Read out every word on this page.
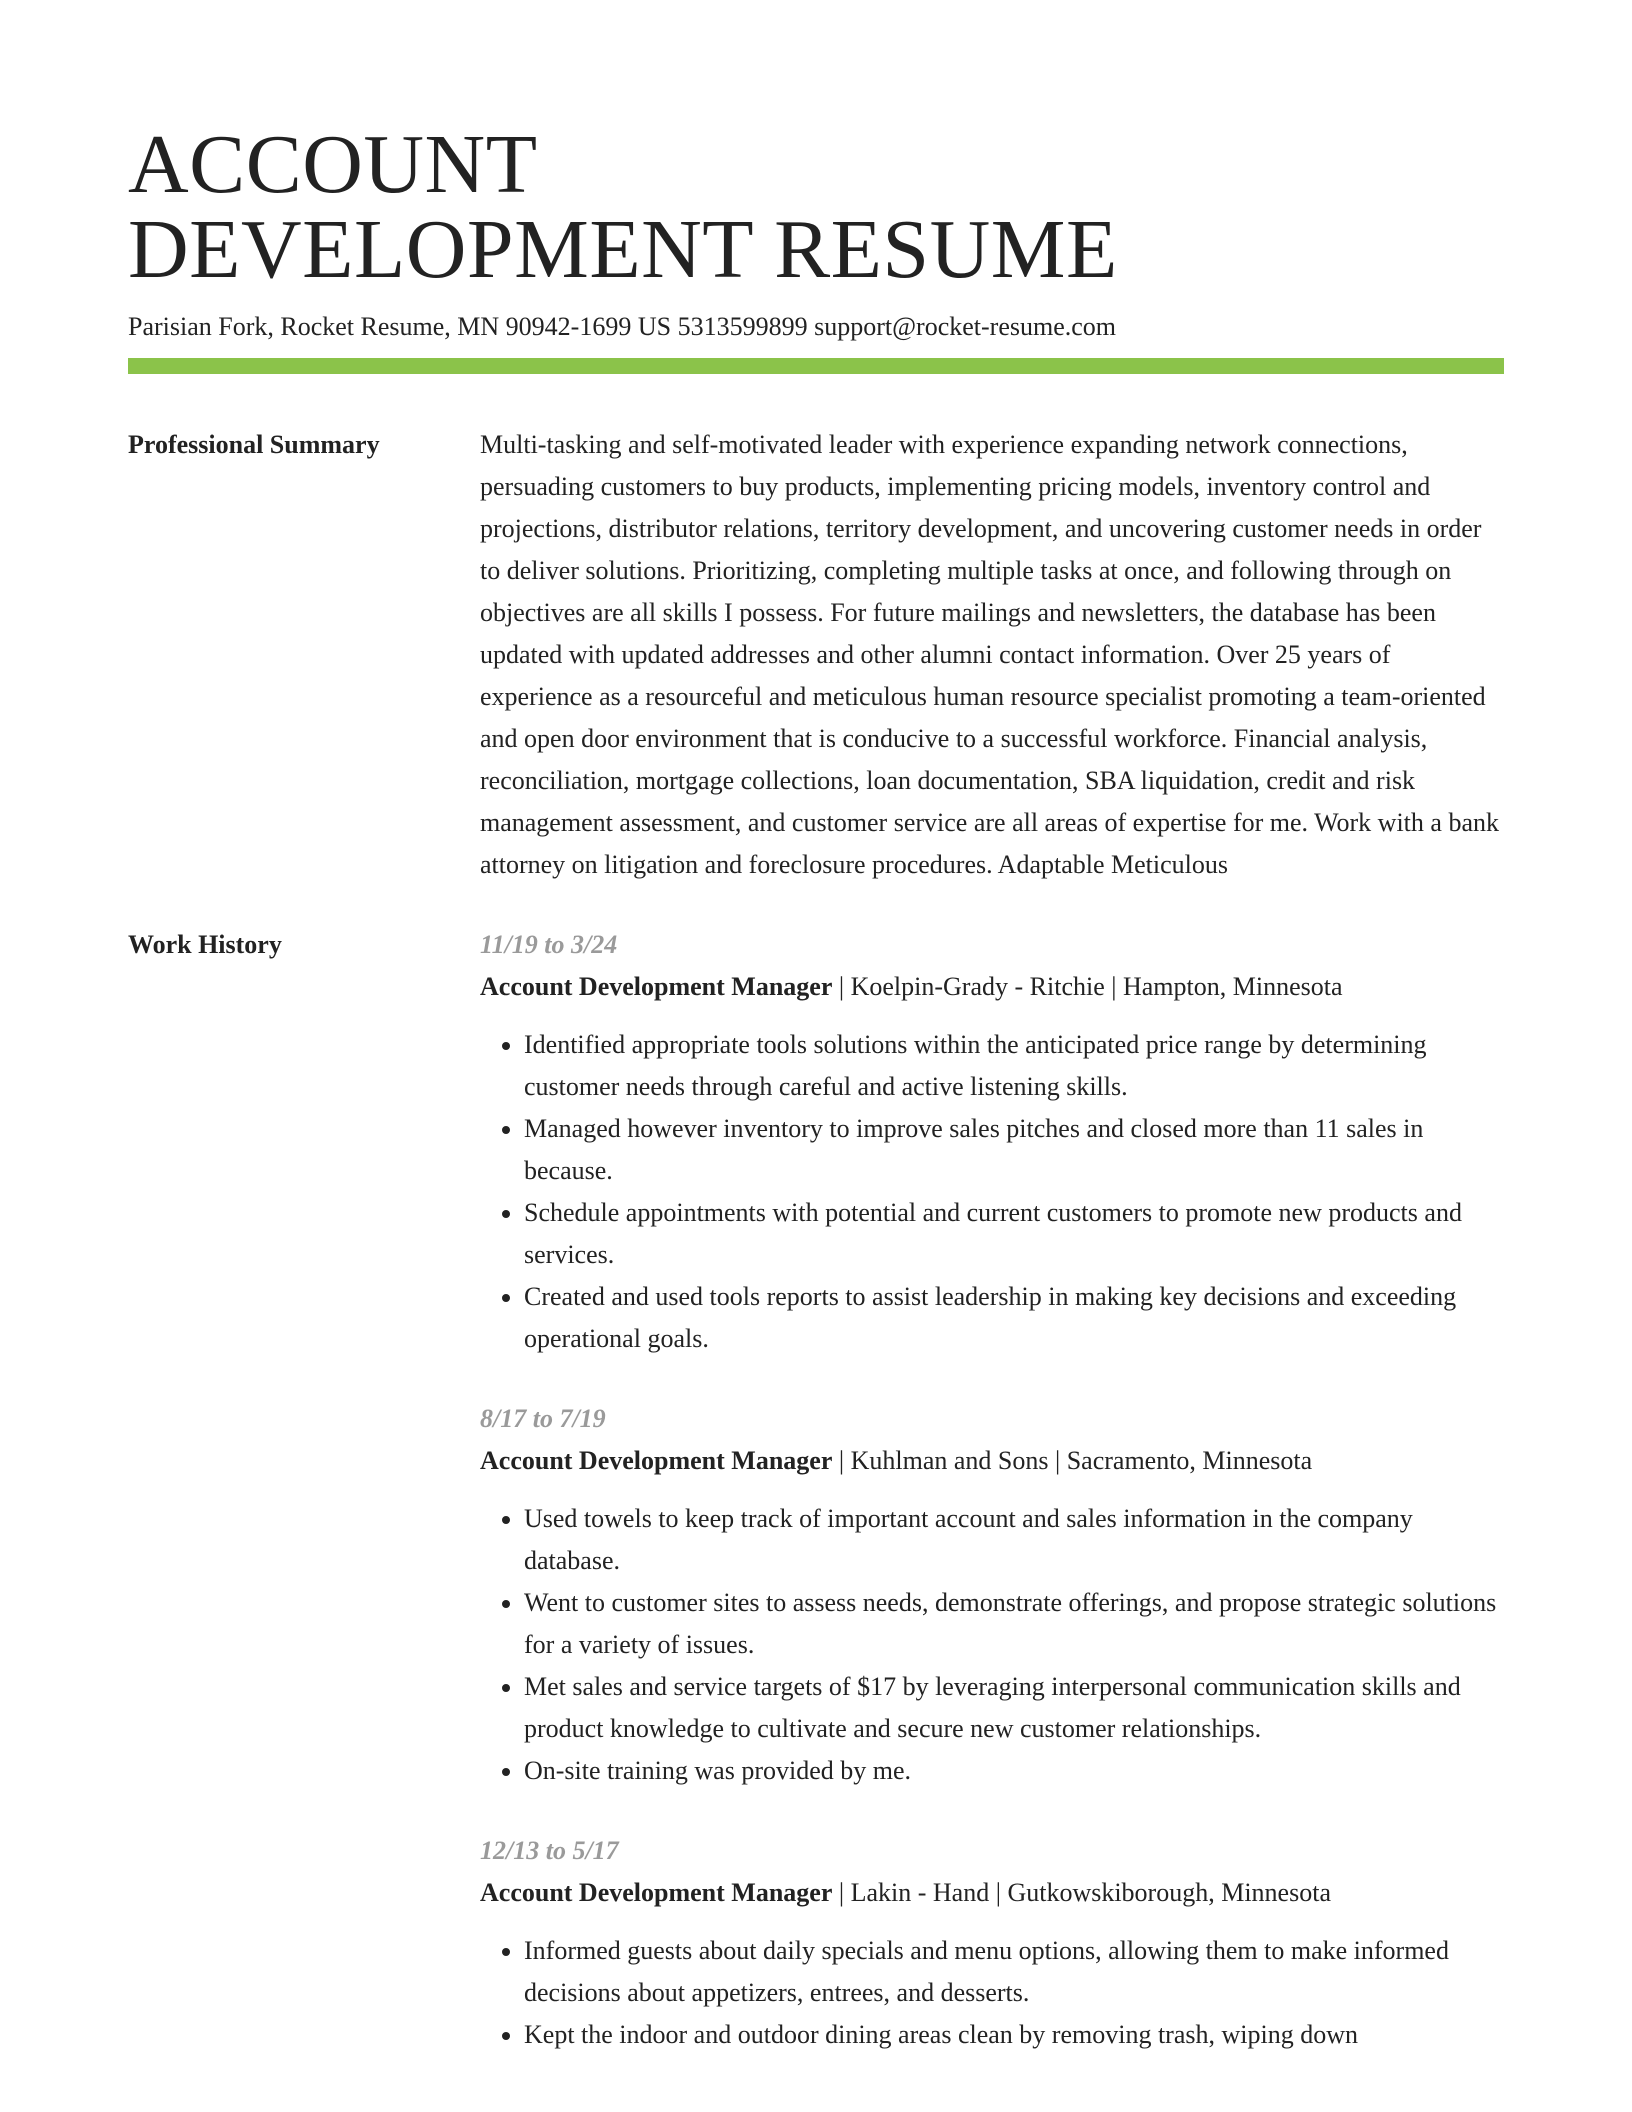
ACCOUNT
DEVELOPMENT RESUME
Parisian Fork, Rocket Resume, MN 90942-1699 US 5313599899 support@rocket-resume.com
Professional Summary	Multi-tasking and self-motivated leader with experience expanding network connections, persuading customers to buy products, implementing pricing models, inventory control and projections, distributor relations, territory development, and uncovering customer needs in order to deliver solutions. Prioritizing, completing multiple tasks at once, and following through on objectives are all skills I possess. For future mailings and newsletters, the database has been updated with updated addresses and other alumni contact information. Over 25 years of experience as a resourceful and meticulous human resource specialist promoting a team-oriented and open door environment that is conducive to a successful workforce. Financial analysis, reconciliation, mortgage collections, loan documentation, SBA liquidation, credit and risk management assessment, and customer service are all areas of expertise for me. Work with a bank attorney on litigation and foreclosure procedures. Adaptable Meticulous

Work History	11/19 to 3/24
Account Development Manager | Koelpin-Grady - Ritchie | Hampton, Minnesota
• Identified appropriate tools solutions within the anticipated price range by determining customer needs through careful and active listening skills.
• Managed however inventory to improve sales pitches and closed more than 11 sales in because.
• Schedule appointments with potential and current customers to promote new products and services.
• Created and used tools reports to assist leadership in making key decisions and exceeding operational goals.
8/17 to 7/19
Account Development Manager | Kuhlman and Sons | Sacramento, Minnesota
• Used towels to keep track of important account and sales information in the company database.
• Went to customer sites to assess needs, demonstrate offerings, and propose strategic solutions for a variety of issues.
• Met sales and service targets of $17 by leveraging interpersonal communication skills and product knowledge to cultivate and secure new customer relationships.
• On-site training was provided by me.
12/13 to 5/17
Account Development Manager | Lakin - Hand | Gutkowskiborough, Minnesota
• Informed guests about daily specials and menu options, allowing them to make informed decisions about appetizers, entrees, and desserts.
• Kept the indoor and outdoor dining areas clean by removing trash, wiping down
